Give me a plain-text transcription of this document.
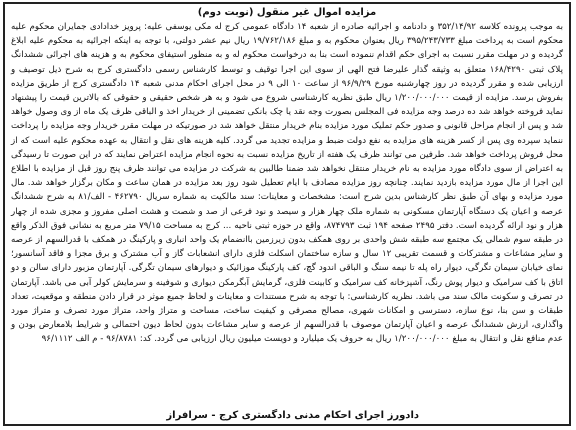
مزایده اموال غیر منقول (نوبت دوم)

به موجب پرونده کلاسه ۳۵۲/۱۴/۹۲ و دادنامه و اجرائیه صادره از شعبه ۱۴ دادگاه عمومی کرج له مکی یوسفی علیه: پرویز خدادادی جمایران محکوم علیه محکوم است به پرداخت مبلغ ۳۹۵/۲۴۳/۷۳۳ ریال بعنوان محکوم به و مبلغ ۱۹/۷۶۲/۱۸۶ ریال نیم عشر دولتی، با توجه به اینکه اجرائیه به محکوم علیه ابلاغ گردیده و در مهلت مقرر نسبت به اجرای حکم اقدام ننموده است بنا به درخواست محکوم له و به منظور استیفای محکوم به و هزینه های اجرائی ششدانگ پلاک ثبتی ۱۶۸/۴۲۹۰ متعلق به وثیقه گذار علیرضا فتح الهی از سوی این اجرا توقیف و توسط کارشناس رسمی دادگستری کرج به شرح ذیل توصیف و ارزیابی شده و مقرر گردیده در روز چهارشنبه مورخ ۹۶/۹/۲۹ از ساعت ۱۰ الی ۹ در محل اجرای احکام مدنی شعبه ۱۴ دادگستری کرج از طریق مزایده بفروش برسد. مزایده از قیمت ۱/۲۰۰/۰۰۰/۰۰۰ ریال طبق نظریه کارشناسی شروع می شود و به هر شخص حقیقی و حقوقی که بالاترین قیمت را پیشنهاد نماید فروخته خواهد شد ده درصد وجه مزایده فی المجلس بصورت وجه نقد یا چک بانکی تضمینی از خریدار اخذ و الباقی ظرف یک ماه از وی وصول خواهد شد و پس از انجام مراحل قانونی و صدور حکم تملیک مورد مزایده بنام خریدار منتقل خواهد شد در صورتیکه در مهلت مقرر خریدار وجه مزایده را پرداخت ننماید سپرده وی پس از کسر هزینه های مزایده به نفع دولت ضبط و مزایده تجدید می گردد. کلیه هزینه های نقل و انتقال به عهده محکوم علیه است که از محل فروش پرداخت خواهد شد. طرفین می توانند ظرف یک هفته از تاریخ مزایده نسبت به نحوه انجام مزایده اعتراض نمایند که در این صورت تا رسیدگی به اعتراض از سوی دادگاه مورد مزایده به نام خریدار منتقل نخواهد شد ضمنا طالبین به شرکت در مزایده می توانند ظرف پنج روز قبل از مزایده با اطلاع این اجرا از مال مورد مزایده بازدید نمایند. چنانچه روز مزایده مصادف با ایام تعطیل شود روز بعد مزایده در همان ساعت و مکان برگزار خواهد شد. مال مورد مزایده و بهای آن طبق نظر کارشناس بدین شرح است: مشخصات و معاینات: سند مالکیت به شماره سریال ۴۶۲۷۹۰ - الف/۸۱ به شرح ششدانگ عرصه و اعیان یک دستگاه آپارتمان مسکونی به شماره ملک چهار هزار و سیصد و نود فرعی از صد و شصت و هشت اصلی مفروز و مجزی شده از چهار هزار و نود ارائه گردیده است. دفتر ۲۴۹۵ صفحه ۱۹۴ ثبت ۸۷۴۷۹۳، واقع در حوزه ثبتی ناحیه ... کرج به مساحت ۷۹/۱۵ متر مربع به نشانی فوق الذکر واقع در طبقه سوم شمالی یک مجتمع سه طبقه شش واحدی بر روی همکف بدون زیرزمین باانضمام یک واحد انباری و پارکینگ در همکف با قدرالسهم از عرصه و سایر مشاعات و مشترکات و قسمت تقریبی ۱۲ سال و سازه ساختمان اسکلت فلزی دارای انشعابات گاز و آب مشترک و برق مجزا و فاقد آسانسور؛ نمای خیابان سیمان تگرگی، دیوار راه پله تا نیمه سنگ و الباقی اندود گچ، کف پارکینگ موزائیک و دیوارهای سیمان تگرگی. آپارتمان مزبور دارای سالن و دو اتاق با کف سرامیک و دیوار پوش رنگ، آشپزخانه کف سرامیک و کابینت فلزی، گرمایش آبگرمکن دیواری و شوفینه و سرمایش کولر آبی می باشد. آپارتمان در تصرف و سکونت مالک سند می باشد. نظریه کارشناسی: با توجه به شرح مستندات و معاینات و لحاظ جمیع موثر در قرار دادن منطقه و موقعیت، تعداد طبقات و سن بنا، نوع سازه، دسترسی و امکانات شهری، مصالح مصرفی و کیفیت ساخت، مساحت و متراژ واحد، متراژ مورد تصرف و متراژ مورد واگذاری، ارزش ششدانگ عرصه و اعیان آپارتمان موصوف با قدرالسهم از عرصه و سایر مشاعات بدون لحاظ دیون احتمالی و شرایط بلامعارض بودن و عدم منافع نقل و انتقال به مبلغ ۱/۲۰۰/۰۰۰/۰۰۰ ریال به حروف یک میلیارد و دویست میلیون ریال ارزیابی می گردد. کد: ۹۶/۸۷۸۱ - م الف ۹۶/۱۱۱۲

دادورز اجرای احکام مدنی دادگستری کرج - سرافراز
